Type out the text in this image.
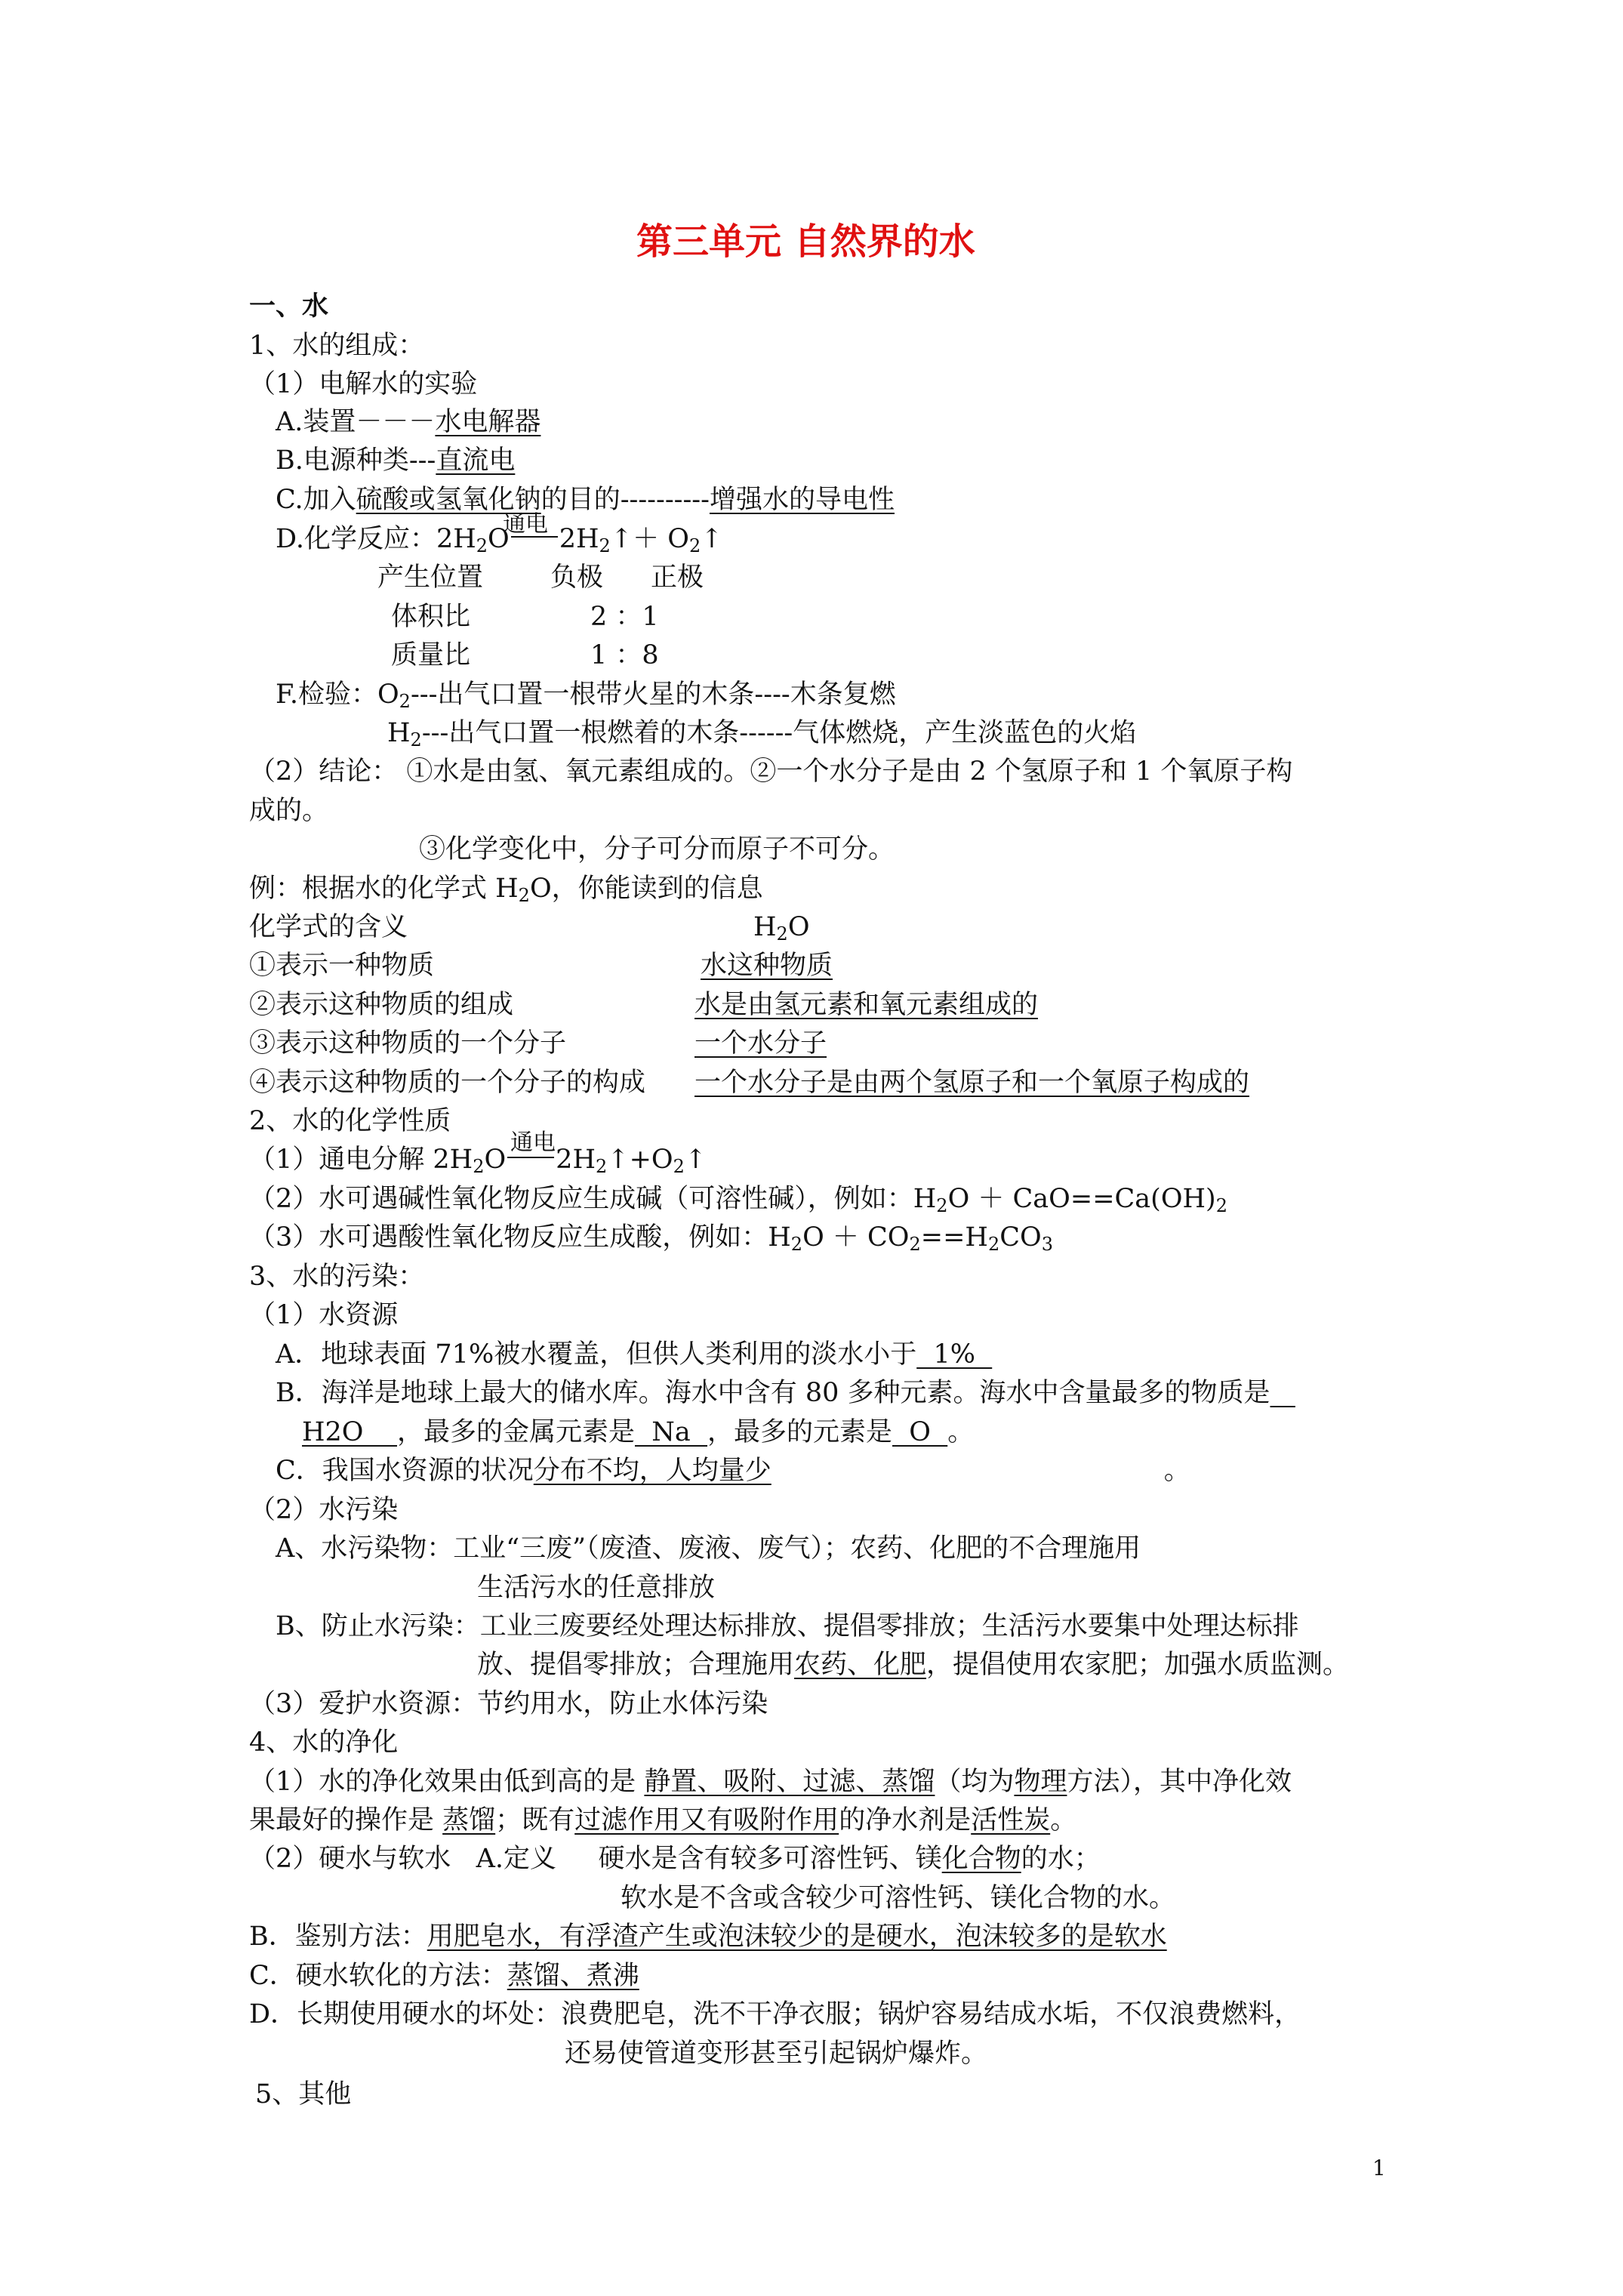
第三单元 自然界的水
一、水
1、水的组成：
（1）电解水的实验
A.装置－－－水电解器
B.电源种类---直流电
C.加入硫酸或氢氧化钠的目的----------增强水的导电性
D.化学反应：$2H_2O$ $2H_2↑+$ $O_2↑$
通电
产生位置	负极 正极
体积比	2 ：1
质量比	1 ：8
F.检验：$O_2---$出气口置一根带火星的木条----木条复燃
$H_2---$出气口置一根燃着的木条------气体燃烧，产生淡蓝色的火焰
（2）结论： ①水是由氢、氧元素组成的。②一个水分子是由 2 个氢原子和 1 个氧原子构
成的。
③化学变化中，分子可分而原子不可分。
例：根据水的化学式 $H_2O$，你能读到的信息
化学式的含义	$H_2O$
①表示一种物质	水这种物质
②表示这种物质的组成	水是由氢元素和氧元素组成的
③表示这种物质的一个分子	一个水分子
④表示这种物质的一个分子的构成 一个水分子是由两个氢原子和一个氧原子构成的
2、水的化学性质
（1）通电分解 $2H_2O$ $2H_2↑+O_2↑$
通电
（2）水可遇碱性氧化物反应生成碱（可溶性碱），例如：$H_2O + CaO==Ca(OH)_2$
（3）水可遇酸性氧化物反应生成酸，例如：$H_2O + CO_2==H_2CO_3$
3、水的污染：
（1）水资源
A．地球表面 71%被水覆盖，但供人类利用的淡水小于  1%
B．海洋是地球上最大的储水库。海水中含有 80 多种元素。海水中含量最多的物质是
H2O    ，最多的金属元素是  Na  ，最多的元素是  O  。
C．我国水资源的状况分布不均，人均量少	。
（2）水污染
A、水污染物：工业“三废”（废渣、废液、废气）；农药、化肥的不合理施用
生活污水的任意排放
B、防止水污染：工业三废要经处理达标排放、提倡零排放；生活污水要集中处理达标排
放、提倡零排放；合理施用农药、化肥，提倡使用农家肥；加强水质监测。
（3）爱护水资源：节约用水，防止水体污染
4、水的净化
（1）水的净化效果由低到高的是 静置、吸附、过滤、蒸馏（均为物理方法），其中净化效
果最好的操作是 蒸馏；既有过滤作用又有吸附作用的净水剂是活性炭。
（2）硬水与软水   A.定义     硬水是含有较多可溶性钙、镁化合物的水；
软水是不含或含较少可溶性钙、镁化合物的水。
B．鉴别方法：用肥皂水，有浮渣产生或泡沫较少的是硬水，泡沫较多的是软水
C．硬水软化的方法：蒸馏、煮沸
D．长期使用硬水的坏处：浪费肥皂，洗不干净衣服；锅炉容易结成水垢，不仅浪费燃料，
还易使管道变形甚至引起锅炉爆炸。
5、其他
1
